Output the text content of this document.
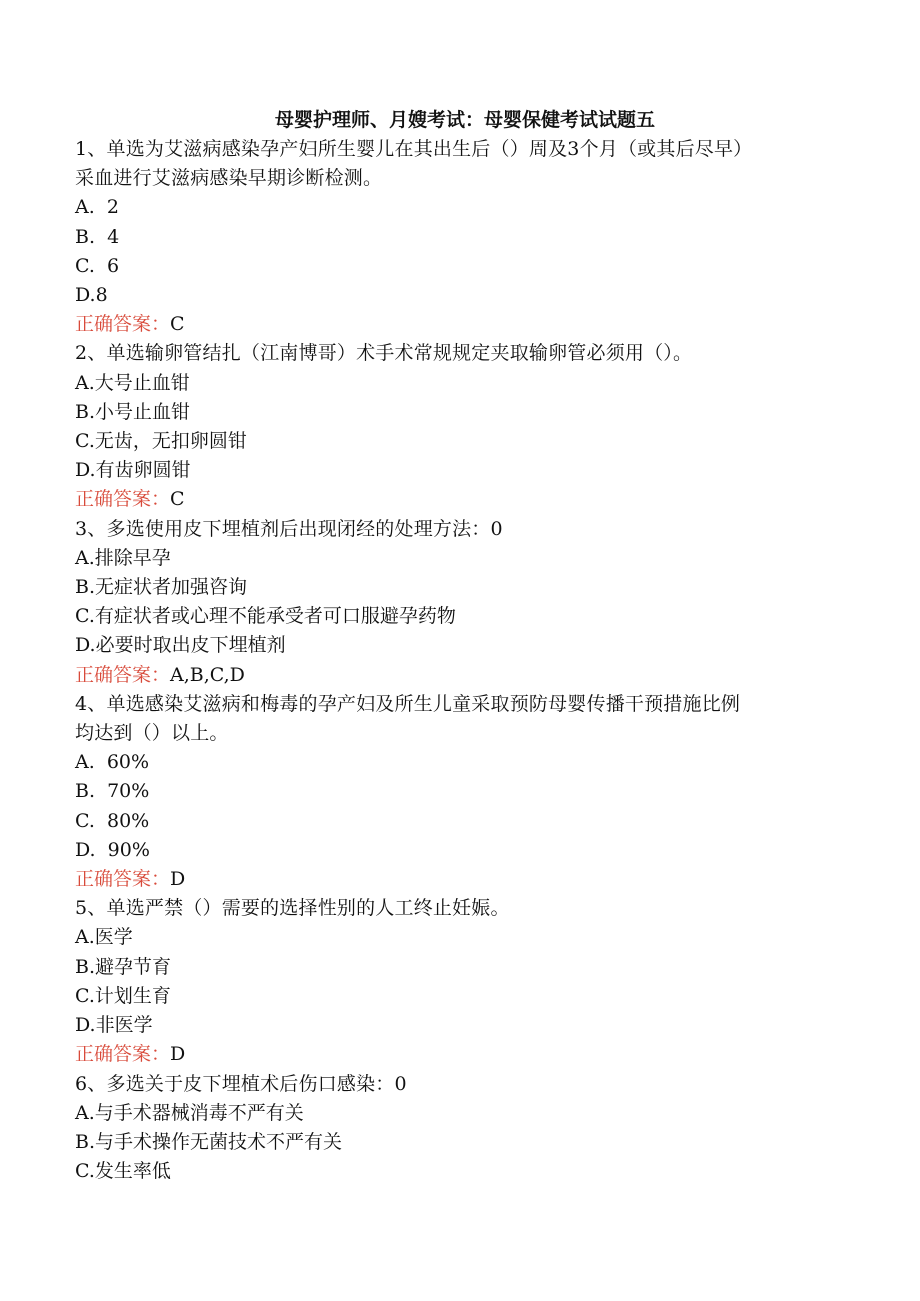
母婴护理师、月嫂考试：母婴保健考试试题五

1、单选为艾滋病感染孕产妇所生婴儿在其出生后（）周及3个月（或其后尽早）

采血进行艾滋病感染早期诊断检测。

A.  2

B.  4

C.  6

D.8

正确答案：C

2、单选输卵管结扎（江南博哥）术手术常规规定夹取输卵管必须用（）。

A.大号止血钳

B.小号止血钳

C.无齿，无扣卵圆钳

D.有齿卵圆钳

正确答案：C

3、多选使用皮下埋植剂后出现闭经的处理方法：0

A.排除早孕

B.无症状者加强咨询

C.有症状者或心理不能承受者可口服避孕药物

D.必要时取出皮下埋植剂

正确答案：A,B,C,D

4、单选感染艾滋病和梅毒的孕产妇及所生儿童采取预防母婴传播干预措施比例

均达到（）以上。

A.  60%

B.  70%

C.  80%

D.  90%

正确答案：D

5、单选严禁（）需要的选择性别的人工终止妊娠。

A.医学

B.避孕节育

C.计划生育

D.非医学

正确答案：D

6、多选关于皮下埋植术后伤口感染：0

A.与手术器械消毒不严有关

B.与手术操作无菌技术不严有关

C.发生率低
